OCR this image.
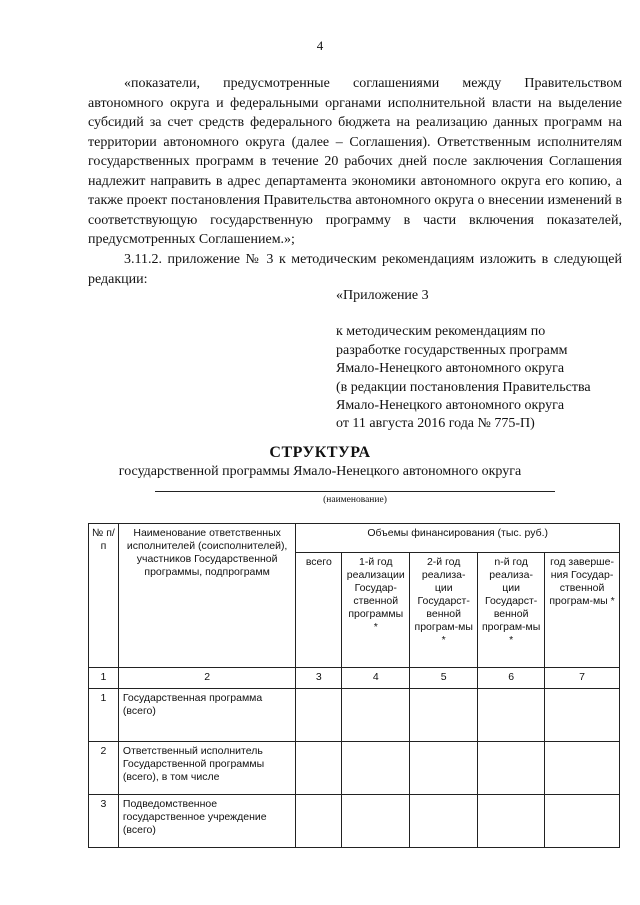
4
«показатели, предусмотренные соглашениями между Правительством автономного округа и федеральными органами исполнительной власти на выделение субсидий за счет средств федерального бюджета на реализацию данных программ на территории автономного округа (далее – Соглашения). Ответственным исполнителям государственных программ в течение 20 рабочих дней после заключения Соглашения надлежит направить в адрес департамента экономики автономного округа его копию, а также проект постановления Правительства автономного округа о внесении изменений в соответствующую государственную программу в части включения показателей, предусмотренных Соглашением.»;
3.11.2. приложение № 3 к методическим рекомендациям изложить в следующей редакции:
«Приложение 3
к методическим рекомендациям по
разработке государственных программ
Ямало-Ненецкого автономного округа
(в редакции постановления Правительства
Ямало-Ненецкого автономного округа
от 11 августа 2016 года № 775-П)
СТРУКТУРА
государственной программы Ямало-Ненецкого автономного округа
(наименование)
№ п/п	Наименование ответственных исполнителей (соисполнителей), участников Государственной программы, подпрограмм	Объемы финансирования (тыс. руб.)				
		всего	1-й год реализации Государ-ственной программы *	2-й год реализа-ции Государст-венной програм-мы *	n-й год реализа-ции Государст-венной програм-мы *	год заверше-ния Государ-ственной програм-мы *
1	2	3	4	5	6	7
1	Государственная программа (всего)					
2	Ответственный исполнитель Государственной программы (всего), в том числе					
3	Подведомственное государственное учреждение (всего)					
